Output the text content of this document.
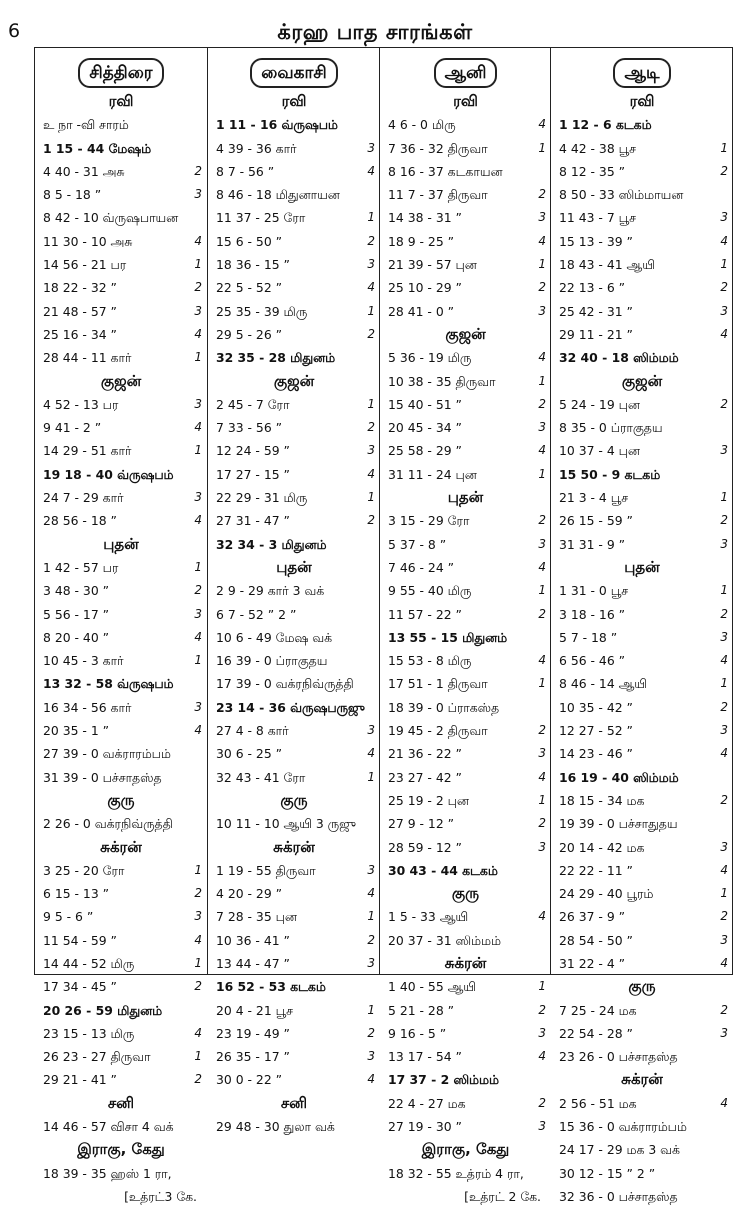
6	க்ரஹ பாத சாரங்கள்
சித்திரை
ரவி
உ நா -வி சாரம்
1 15 - 44 மேஷம்
4 40 - 31 அசு	2
8 5 - 18 ”	3
8 42 - 10 வ்ருஷபாயன
11 30 - 10 அசு	4
14 56 - 21 பர	1
18 22 - 32 ”	2
21 48 - 57 ”	3
25 16 - 34 ”	4
28 44 - 11 கார்	1
குஜன்
4 52 - 13 பர	3
9 41 - 2 ”	4
14 29 - 51 கார்	1
19 18 - 40 வ்ருஷபம்
24 7 - 29 கார்	3
28 56 - 18 ”	4
புதன்
1 42 - 57 பர	1
3 48 - 30 ”	2
5 56 - 17 ”	3
8 20 - 40 ”	4
10 45 - 3 கார்	1
13 32 - 58 வ்ருஷபம்
16 34 - 56 கார்	3
20 35 - 1 ”	4
27 39 - 0 வக்ராரம்பம்
31 39 - 0 பச்சாதஸ்த
குரு
2 26 - 0 வக்ரநிவ்ருத்தி
சுக்ரன்
3 25 - 20 ரோ	1
6 15 - 13 ”	2
9 5 - 6 ”	3
11 54 - 59 ”	4
14 44 - 52 மிரு	1
17 34 - 45 ”	2
20 26 - 59 மிதுனம்
23 15 - 13 மிரு	4
26 23 - 27 திருவா	1
29 21 - 41 ”	2
சனி
14 46 - 57 விசா 4 வக்
இராகு, கேது
18 39 - 35 ஹஸ் 1 ரா,
[உத்ரட்3 கே.
வைகாசி
ரவி
1 11 - 16 வ்ருஷபம்
4 39 - 36 கார்	3
8 7 - 56 ”	4
8 46 - 18 மிதுனாயன
11 37 - 25 ரோ	1
15 6 - 50 ”	2
18 36 - 15 ”	3
22 5 - 52 ”	4
25 35 - 39 மிரு	1
29 5 - 26 ”	2
32 35 - 28 மிதுனம்
குஜன்
2 45 - 7 ரோ	1
7 33 - 56 ”	2
12 24 - 59 ”	3
17 27 - 15 ”	4
22 29 - 31 மிரு	1
27 31 - 47 ”	2
32 34 - 3 மிதுனம்
புதன்
2 9 - 29 கார் 3 வக்
6 7 - 52 ” 2 ”
10 6 - 49 மேஷ வக்
16 39 - 0 ப்ராகுதய
17 39 - 0 வக்ரநிவ்ருத்தி
23 14 - 36 வ்ருஷபருஜு
27 4 - 8 கார்	3
30 6 - 25 ”	4
32 43 - 41 ரோ	1
குரு
10 11 - 10 ஆயி 3 ருஜு
சுக்ரன்
1 19 - 55 திருவா	3
4 20 - 29 ”	4
7 28 - 35 புன	1
10 36 - 41 ”	2
13 44 - 47 ”	3
16 52 - 53 கடகம்
20 4 - 21 பூச	1
23 19 - 49 ”	2
26 35 - 17 ”	3
30 0 - 22 ”	4
சனி
29 48 - 30 துலா வக்
ஆனி
ரவி
4 6 - 0 மிரு	4
7 36 - 32 திருவா	1
8 16 - 37 கடகாயன
11 7 - 37 திருவா	2
14 38 - 31 ”	3
18 9 - 25 ”	4
21 39 - 57 புன	1
25 10 - 29 ”	2
28 41 - 0 ”	3
குஜன்
5 36 - 19 மிரு	4
10 38 - 35 திருவா	1
15 40 - 51 ”	2
20 45 - 34 ”	3
25 58 - 29 ”	4
31 11 - 24 புன	1
புதன்
3 15 - 29 ரோ	2
5 37 - 8 ”	3
7 46 - 24 ”	4
9 55 - 40 மிரு	1
11 57 - 22 ”	2
13 55 - 15 மிதுனம்
15 53 - 8 மிரு	4
17 51 - 1 திருவா	1
18 39 - 0 ப்ராகஸ்த
19 45 - 2 திருவா	2
21 36 - 22 ”	3
23 27 - 42 ”	4
25 19 - 2 புன	1
27 9 - 12 ”	2
28 59 - 12 ”	3
30 43 - 44 கடகம்
குரு
1 5 - 33 ஆயி	4
20 37 - 31 ஸிம்மம்
சுக்ரன்
1 40 - 55 ஆயி	1
5 21 - 28 ”	2
9 16 - 5 ”	3
13 17 - 54 ”	4
17 37 - 2 ஸிம்மம்
22 4 - 27 மக	2
27 19 - 30 ”	3
இராகு, கேது
18 32 - 55 உத்ரம் 4 ரா,
[உத்ரட் 2 கே.
ஆடி
ரவி
1 12 - 6 கடகம்
4 42 - 38 பூச	1
8 12 - 35 ”	2
8 50 - 33 ஸிம்மாயன
11 43 - 7 பூச	3
15 13 - 39 ”	4
18 43 - 41 ஆயி	1
22 13 - 6 ”	2
25 42 - 31 ”	3
29 11 - 21 ”	4
32 40 - 18 ஸிம்மம்
குஜன்
5 24 - 19 புன	2
8 35 - 0 ப்ராகுதய
10 37 - 4 புன	3
15 50 - 9 கடகம்
21 3 - 4 பூச	1
26 15 - 59 ”	2
31 31 - 9 ”	3
புதன்
1 31 - 0 பூச	1
3 18 - 16 ”	2
5 7 - 18 ”	3
6 56 - 46 ”	4
8 46 - 14 ஆயி	1
10 35 - 42 ”	2
12 27 - 52 ”	3
14 23 - 46 ”	4
16 19 - 40 ஸிம்மம்
18 15 - 34 மக	2
19 39 - 0 பச்சாதுதய
20 14 - 42 மக	3
22 22 - 11 ”	4
24 29 - 40 பூரம்	1
26 37 - 9 ”	2
28 54 - 50 ”	3
31 22 - 4 ”	4
குரு
7 25 - 24 மக	2
22 54 - 28 ”	3
23 26 - 0 பச்சாதஸ்த
சுக்ரன்
2 56 - 51 மக	4
15 36 - 0 வக்ராரம்பம்
24 17 - 29 மக 3 வக்
30 12 - 15 ” 2 ”
32 36 - 0 பச்சாதஸ்த
